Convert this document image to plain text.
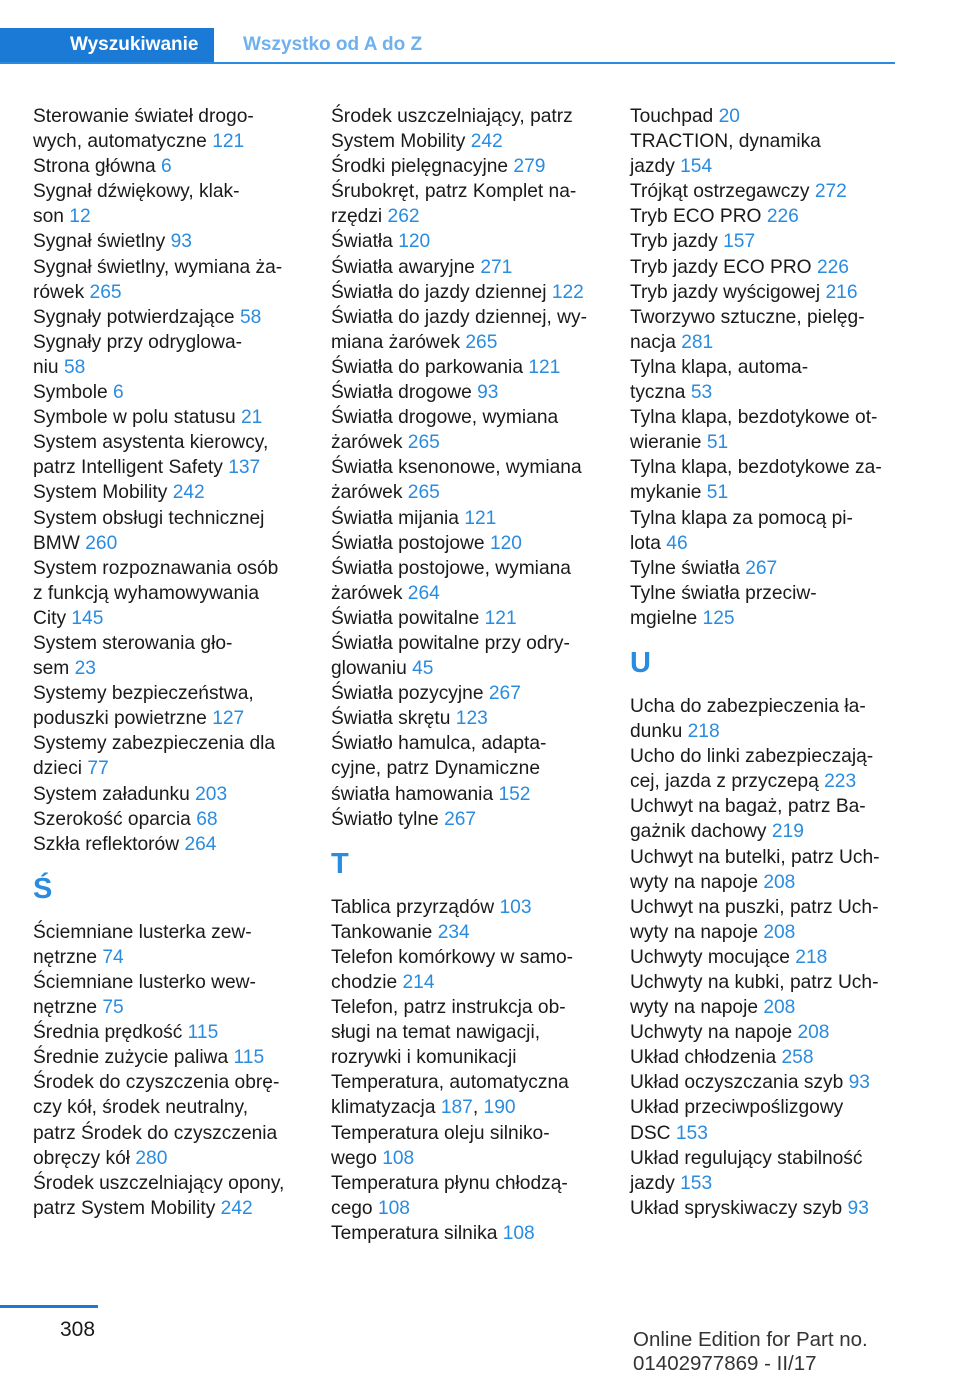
Wyszukiwanie	Wszystko od A do Z
Sterowanie świateł drogo-
wych, automatyczne 121
Strona główna 6
Sygnał dźwiękowy, klak-
son 12
Sygnał świetlny 93
Sygnał świetlny, wymiana ża-
rówek 265
Sygnały potwierdzające 58
Sygnały przy odryglowa-
niu 58
Symbole 6
Symbole w polu statusu 21
System asystenta kierowcy,
patrz Intelligent Safety 137
System Mobility 242
System obsługi technicznej
BMW 260
System rozpoznawania osób
z funkcją wyhamowywania
City 145
System sterowania gło-
sem 23
Systemy bezpieczeństwa,
poduszki powietrzne 127
Systemy zabezpieczenia dla
dzieci 77
System załadunku 203
Szerokość oparcia 68
Szkła reflektorów 264
Ś
Ściemniane lusterka zew-
nętrzne 74
Ściemniane lusterko wew-
nętrzne 75
Średnia prędkość 115
Średnie zużycie paliwa 115
Środek do czyszczenia obrę-
czy kół, środek neutralny,
patrz Środek do czyszczenia
obręczy kół 280
Środek uszczelniający opony,
patrz System Mobility 242
Środek uszczelniający, patrz
System Mobility 242
Środki pielęgnacyjne 279
Śrubokręt, patrz Komplet na-
rzędzi 262
Światła 120
Światła awaryjne 271
Światła do jazdy dziennej 122
Światła do jazdy dziennej, wy-
miana żarówek 265
Światła do parkowania 121
Światła drogowe 93
Światła drogowe, wymiana
żarówek 265
Światła ksenonowe, wymiana
żarówek 265
Światła mijania 121
Światła postojowe 120
Światła postojowe, wymiana
żarówek 264
Światła powitalne 121
Światła powitalne przy odry-
glowaniu 45
Światła pozycyjne 267
Światła skrętu 123
Światło hamulca, adapta-
cyjne, patrz Dynamiczne
światła hamowania 152
Światło tylne 267
T
Tablica przyrządów 103
Tankowanie 234
Telefon komórkowy w samo-
chodzie 214
Telefon, patrz instrukcja ob-
sługi na temat nawigacji,
rozrywki i komunikacji
Temperatura, automatyczna
klimatyzacja 187, 190
Temperatura oleju silniko-
wego 108
Temperatura płynu chłodzą-
cego 108
Temperatura silnika 108
Touchpad 20
TRACTION, dynamika
jazdy 154
Trójkąt ostrzegawczy 272
Tryb ECO PRO 226
Tryb jazdy 157
Tryb jazdy ECO PRO 226
Tryb jazdy wyścigowej 216
Tworzywo sztuczne, pielęg-
nacja 281
Tylna klapa, automa-
tyczna 53
Tylna klapa, bezdotykowe ot-
wieranie 51
Tylna klapa, bezdotykowe za-
mykanie 51
Tylna klapa za pomocą pi-
lota 46
Tylne światła 267
Tylne światła przeciw-
mgielne 125
U
Ucha do zabezpieczenia ła-
dunku 218
Ucho do linki zabezpieczają-
cej, jazda z przyczepą 223
Uchwyt na bagaż, patrz Ba-
gażnik dachowy 219
Uchwyt na butelki, patrz Uch-
wyty na napoje 208
Uchwyt na puszki, patrz Uch-
wyty na napoje 208
Uchwyty mocujące 218
Uchwyty na kubki, patrz Uch-
wyty na napoje 208
Uchwyty na napoje 208
Układ chłodzenia 258
Układ oczyszczania szyb 93
Układ przeciwpoślizgowy
DSC 153
Układ regulujący stabilność
jazdy 153
Układ spryskiwaczy szyb 93
308	Online Edition for Part no. 01402977869 - II/17
